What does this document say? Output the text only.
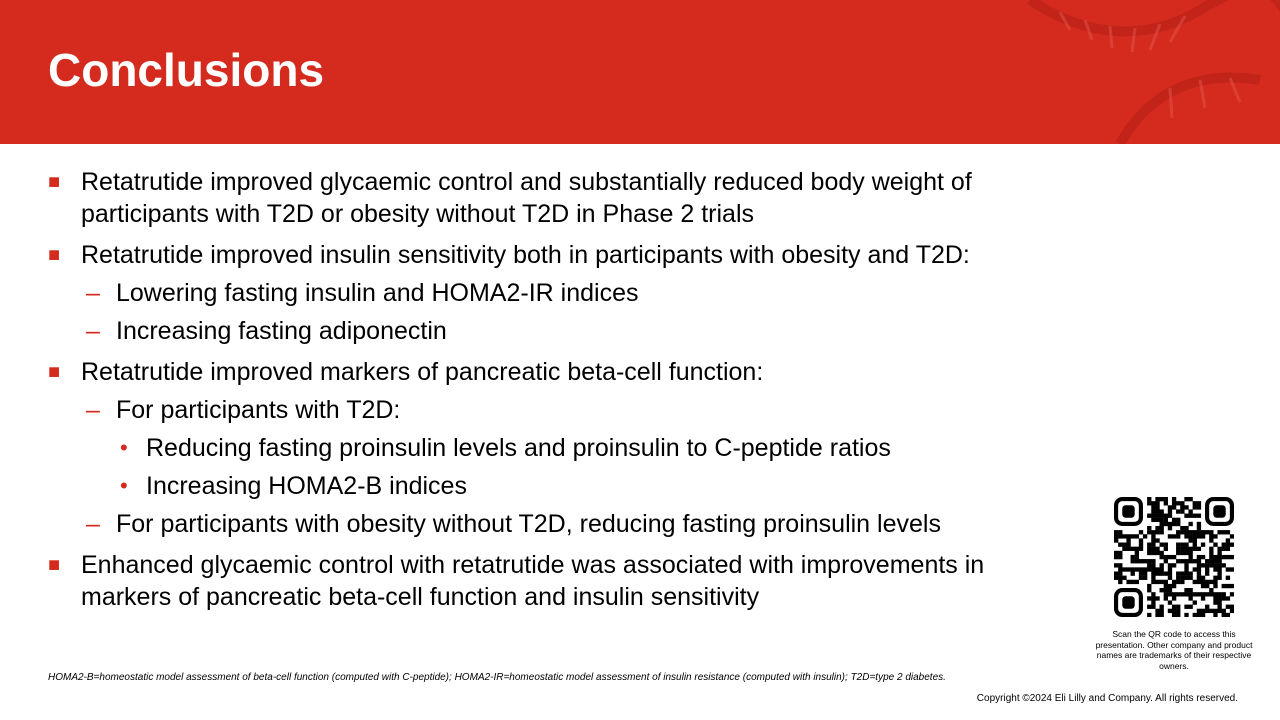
Conclusions
■ Retatrutide improved glycaemic control and substantially reduced body weight of participants with T2D or obesity without T2D in Phase 2 trials
■ Retatrutide improved insulin sensitivity both in participants with obesity and T2D:
– Lowering fasting insulin and HOMA2-IR indices
– Increasing fasting adiponectin
■ Retatrutide improved markers of pancreatic beta-cell function:
– For participants with T2D:
• Reducing fasting proinsulin levels and proinsulin to C-peptide ratios
• Increasing HOMA2-B indices
– For participants with obesity without T2D, reducing fasting proinsulin levels
■ Enhanced glycaemic control with retatrutide was associated with improvements in markers of pancreatic beta-cell function and insulin sensitivity
Scan the QR code to access this presentation. Other company and product names are trademarks of their respective owners.
HOMA2-B=homeostatic model assessment of beta-cell function (computed with C-peptide); HOMA2-IR=homeostatic model assessment of insulin resistance (computed with insulin); T2D=type 2 diabetes.
Copyright ©2024 Eli Lilly and Company. All rights reserved.
